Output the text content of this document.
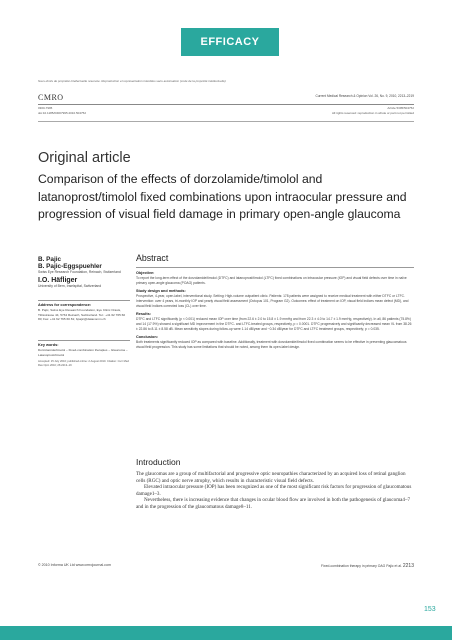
EFFICACY
Sous droits de propriété intellectuelle réservée. Reproduction et représentation interdites sans autorisation (code de la propriété intellectuelle)
CMRO	Current Medical Research & Opinion Vol. 26, No. 9, 2010, 2213–2219
0300-7995
doi:10.1185/03007995.2010.504752
Article 5395/504752
All rights reserved: reproduction in whole or part not permitted
Original article
Comparison of the effects of dorzolamide/timolol and latanoprost/timolol fixed combinations upon intraocular pressure and progression of visual field damage in primary open-angle glaucoma
B. Pajic
B. Pajic-Eggspuehler
Swiss Eye Research Foundation, Reinach, Switzerland
I.O. Häfliger
University of Bern, Inselspital, Switzerland
Address for correspondence:
B. Pajic, Swiss Eye Research Foundation, Eye Clinic Orasis, Titlisstrasse 44, 5734 Reinach, Switzerland. Tel.: +41 62 765 60 80; Fax: +41 62 765 60 81; bpajic@datacomm.ch
Key words:
Dorzolamide/timolol – Fixed-combination therapies – Glaucoma – Latanoprost/timolol
Accepted: 15 July 2010; published online: 2 August 2010. Citation: Curr Med Res Opin 2010; 26:2213–19
Abstract
Objective:
To report the long-term effect of the dorzolamide/timolol (DTFC) and latanoprost/timolol (LTFC) fixed combinations on intraocular pressure (IOP) and visual field defects over time in naïve primary open-angle glaucoma (POAG) patients.
Study design and methods:
Prospective, 4-year, open-label, interventional study. Setting: High-volume outpatient clinic. Patients: 178 patients were assigned to receive medical treatment with either DTFC or LTFC. Intervention: over 4 years, tri-monthly IOP and yearly visual field assessment (Octopus 101, Program G2). Outcomes: effect of treatment on IOP, visual field indices mean defect (MD), and visual field indices corrected loss (CL) over time.
Results:
DTFC and LTFC significantly (p < 0.001) reduced mean IOP over time (from 22.6 ± 2.0 to 15.8 ± 1.9 mmHg and from 22.3 ± 4.0 to 14.7 ± 1.9 mmHg, respectively). In all, 86 patients (75.8%) and 14 (17.9%) showed a significant MD improvement in the DTFC- and LTFC-treated groups, respectively, p = 0.0001. DTFC progressively and significantly decreased mean VL from 38.26 ± 22.86 to 8.11 ± 8.58 dB. Mean sensitivity slopes during follow-up were 1.14 dB/year and −0.34 dB/year for DTFC and LTFC treatment groups, respectively; p = 0.035.
Conclusion:
Both treatments significantly reduced IOP as compared with baseline. Additionally, treatment with dorzolamide/timolol fixed combination seems to be effective in preventing glaucomatous visual field progression. This study has some limitations that should be noted, among them its open-label design.
Introduction

The glaucomas are a group of multifactorial and progressive optic neuropathies characterized by an acquired loss of retinal ganglion cells (RGC) and optic nerve atrophy, which results in characteristic visual field defects.

Elevated intraocular pressure (IOP) has been recognized as one of the most significant risk factors for progression of glaucomatous damage1–3.

Nevertheless, there is increasing evidence that changes in ocular blood flow are involved in both the pathogenesis of glaucoma4–7 and in the progression of the glaucomatous damage8–11.

© 2010 Informa UK Ltd www.cmrojournal.com	Fixed-combination therapy in primary OAG Pajic et al. 2213
153
